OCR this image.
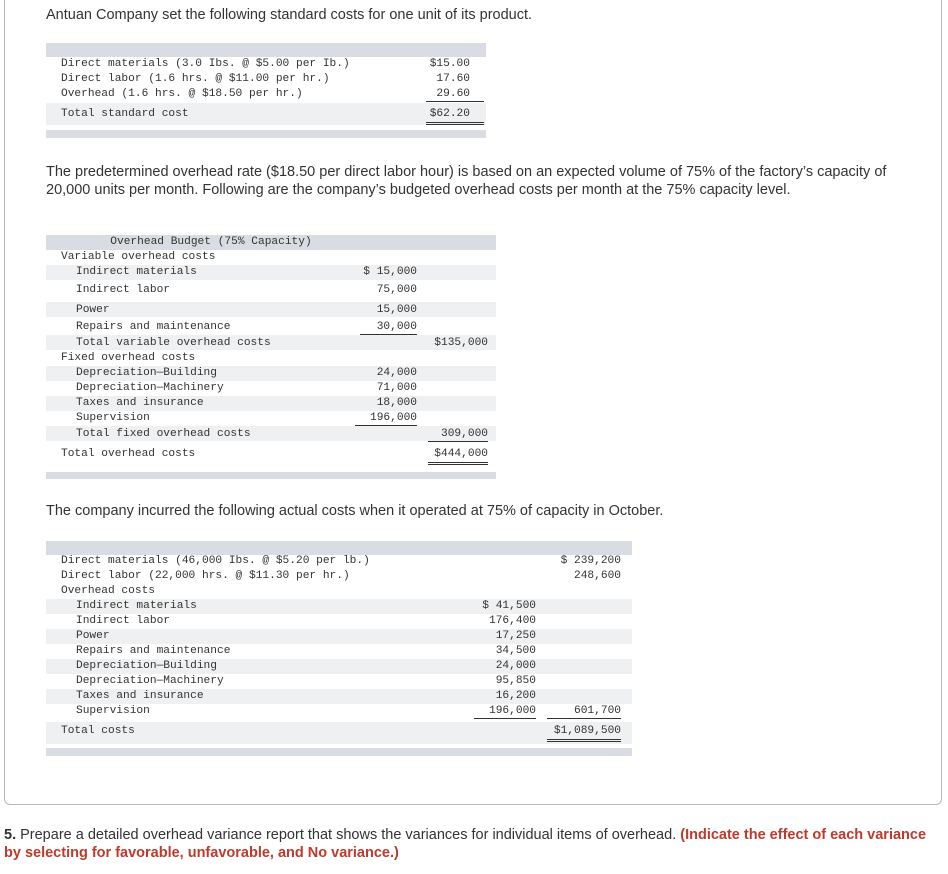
Antuan Company set the following standard costs for one unit of its product.

Direct materials (3.0 Ibs. @ $5.00 per Ib.)	$15.00
Direct labor (1.6 hrs. @ $11.00 per hr.)	17.60
Overhead (1.6 hrs. @ $18.50 per hr.)	29.60
Total standard cost	$62.20

The predetermined overhead rate ($18.50 per direct labor hour) is based on an expected volume of 75% of the factory’s capacity of 20,000 units per month. Following are the company’s budgeted overhead costs per month at the 75% capacity level.

Overhead Budget (75% Capacity)
Variable overhead costs
Indirect materials	$ 15,000
Indirect labor	75,000
Power	15,000
Repairs and maintenance	30,000
Total variable overhead costs	$135,000
Fixed overhead costs
Depreciation—Building	24,000
Depreciation—Machinery	71,000
Taxes and insurance	18,000
Supervision	196,000
Total fixed overhead costs	309,000
Total overhead costs	$444,000

The company incurred the following actual costs when it operated at 75% of capacity in October.

Direct materials (46,000 Ibs. @ $5.20 per lb.)	$ 239,200
Direct labor (22,000 hrs. @ $11.30 per hr.)	248,600
Overhead costs
Indirect materials	$ 41,500
Indirect labor	176,400
Power	17,250
Repairs and maintenance	34,500
Depreciation—Building	24,000
Depreciation—Machinery	95,850
Taxes and insurance	16,200
Supervision	196,000	601,700
Total costs	$1,089,500

5. Prepare a detailed overhead variance report that shows the variances for individual items of overhead. (Indicate the effect of each variance by selecting for favorable, unfavorable, and No variance.)
